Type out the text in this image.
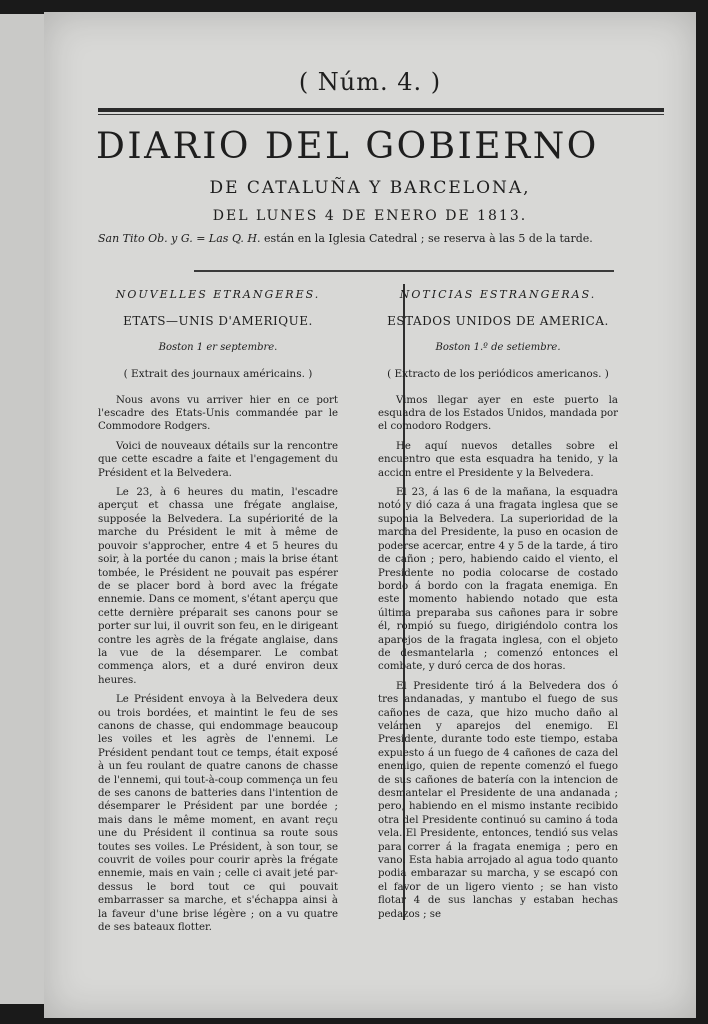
( Núm. 4. )
DIARIO DEL GOBIERNO
DE CATALUÑA Y BARCELONA,
DEL LUNES 4 DE ENERO DE 1813.
San Tito Ob. y G. = Las Q. H. están en la Iglesia Catedral ; se reserva à las 5 de la tarde.
NOUVELLES ETRANGERES.
ETATS—UNIS D'AMERIQUE.
Boston 1 er septembre.
( Extrait des journaux américains. )

Nous avons vu arriver hier en ce port l'escadre des Etats-Unis commandée par le Commodore Rodgers.

Voici de nouveaux détails sur la rencontre que cette escadre a faite et l'engagement du Président et la Belvedera.

Le 23, à 6 heures du matin, l'escadre aperçut et chassa une frégate anglaise, supposée la Belvedera. La supériorité de la marche du Président le mit à même de pouvoir s'approcher, entre 4 et 5 heures du soir, à la portée du canon ; mais la brise étant tombée, le Président ne pouvait pas espérer de se placer bord à bord avec la frégate ennemie. Dans ce moment, s'étant aperçu que cette dernière préparait ses canons pour se porter sur lui, il ouvrit son feu, en le dirigeant contre les agrès de la frégate anglaise, dans la vue de la désemparer. Le combat commença alors, et a duré environ deux heures.

Le Président envoya à la Belvedera deux ou trois bordées, et maintint le feu de ses canons de chasse, qui endommage beaucoup les voiles et les agrès de l'ennemi. Le Président pendant tout ce temps, était exposé à un feu roulant de quatre canons de chasse de l'ennemi, qui tout-à-coup commença un feu de ses canons de batteries dans l'intention de désemparer le Président par une bordée ; mais dans le même moment, en avant reçu une du Président il continua sa route sous toutes ses voiles. Le Président, à son tour, se couvrit de voiles pour courir après la frégate ennemie, mais en vain ; celle ci avait jeté par-dessus le bord tout ce qui pouvait embarrasser sa marche, et s'échappa ainsi à la faveur d'une brise légère ; on a vu quatre de ses bateaux flotter.

NOTICIAS ESTRANGERAS.
ESTADOS UNIDOS DE AMERICA.
Boston 1.º de setiembre.
( Extracto de los periódicos americanos. )

Vimos llegar ayer en este puerto la esquadra de los Estados Unidos, mandada por el comodoro Rodgers.

He aquí nuevos detalles sobre el encuentro que esta esquadra ha tenido, y la accion entre el Presidente y la Belvedera.

El 23, á las 6 de la mañana, la esquadra notó y dió caza á una fragata inglesa que se suponia la Belvedera. La superioridad de la marcha del Presidente, la puso en ocasion de poderse acercar, entre 4 y 5 de la tarde, á tiro de cañon ; pero, habiendo caido el viento, el Presidente no podia colocarse de costado bordo á bordo con la fragata enemiga. En este momento habiendo notado que esta última preparaba sus cañones para ir sobre él, rompió su fuego, dirigiéndolo contra los aparejos de la fragata inglesa, con el objeto de desmantelarla ; comenzó entonces el combate, y duró cerca de dos horas.

El Presidente tiró á la Belvedera dos ó tres andanadas, y mantubo el fuego de sus cañones de caza, que hizo mucho daño al velámen y aparejos del enemigo. El Presidente, durante todo este tiempo, estaba expuesto á un fuego de 4 cañones de caza del enemigo, quien de repente comenzó el fuego de sus cañones de batería con la intencion de desmantelar el Presidente de una andanada ; pero, habiendo en el mismo instante recibido otra del Presidente continuó su camino á toda vela. El Presidente, entonces, tendió sus velas para correr á la fragata enemiga ; pero en vano. Esta habia arrojado al agua todo quanto podia embarazar su marcha, y se escapó con el favor de un ligero viento ; se han visto flotar 4 de sus lanchas y estaban hechas pedazos ; se
